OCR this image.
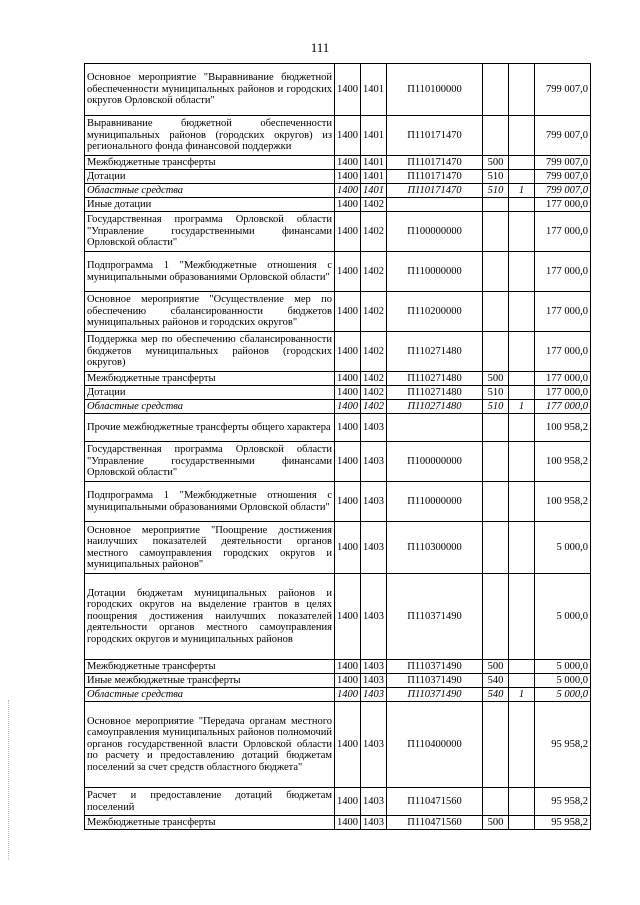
111
Основное мероприятие "Выравнивание бюджетной обеспеченности муниципальных районов и городских округов Орловской области"	1400	1401	П110100000			799 007,0
Выравнивание бюджетной обеспеченности муниципальных районов (городских округов) из регионального фонда финансовой поддержки	1400	1401	П110171470			799 007,0
Межбюджетные трансферты	1400	1401	П110171470	500		799 007,0
Дотации	1400	1401	П110171470	510		799 007,0
Областные средства	1400	1401	П110171470	510	1	799 007,0
Иные дотации	1400	1402				177 000,0
Государственная программа Орловской области "Управление государственными финансами Орловской области"	1400	1402	П100000000			177 000,0
Подпрограмма 1 "Межбюджетные отношения с муниципальными образованиями Орловской области"	1400	1402	П110000000			177 000,0
Основное мероприятие "Осуществление мер по обеспечению сбалансированности бюджетов муниципальных районов и городских округов"	1400	1402	П110200000			177 000,0
Поддержка мер по обеспечению сбалансированности бюджетов муниципальных районов (городских округов)	1400	1402	П110271480			177 000,0
Межбюджетные трансферты	1400	1402	П110271480	500		177 000,0
Дотации	1400	1402	П110271480	510		177 000,0
Областные средства	1400	1402	П110271480	510	1	177 000,0
Прочие межбюджетные трансферты общего характера	1400	1403				100 958,2
Государственная программа Орловской области "Управление государственными финансами Орловской области"	1400	1403	П100000000			100 958,2
Подпрограмма 1 "Межбюджетные отношения с муниципальными образованиями Орловской области"	1400	1403	П110000000			100 958,2
Основное мероприятие "Поощрение достижения наилучших показателей деятельности органов местного самоуправления городских округов и муниципальных районов"	1400	1403	П110300000			5 000,0
Дотации бюджетам муниципальных районов и городских округов на выделение грантов в целях поощрения достижения наилучших показателей деятельности органов местного самоуправления городских округов и муниципальных районов	1400	1403	П110371490			5 000,0
Межбюджетные трансферты	1400	1403	П110371490	500		5 000,0
Иные межбюджетные трансферты	1400	1403	П110371490	540		5 000,0
Областные средства	1400	1403	П110371490	540	1	5 000,0
Основное мероприятие "Передача органам местного самоуправления муниципальных районов полномочий органов государственной власти Орловской области по расчету и предоставлению дотаций бюджетам поселений за счет средств областного бюджета"	1400	1403	П110400000			95 958,2
Расчет и предоставление дотаций бюджетам поселений	1400	1403	П110471560			95 958,2
Межбюджетные трансферты	1400	1403	П110471560	500		95 958,2
